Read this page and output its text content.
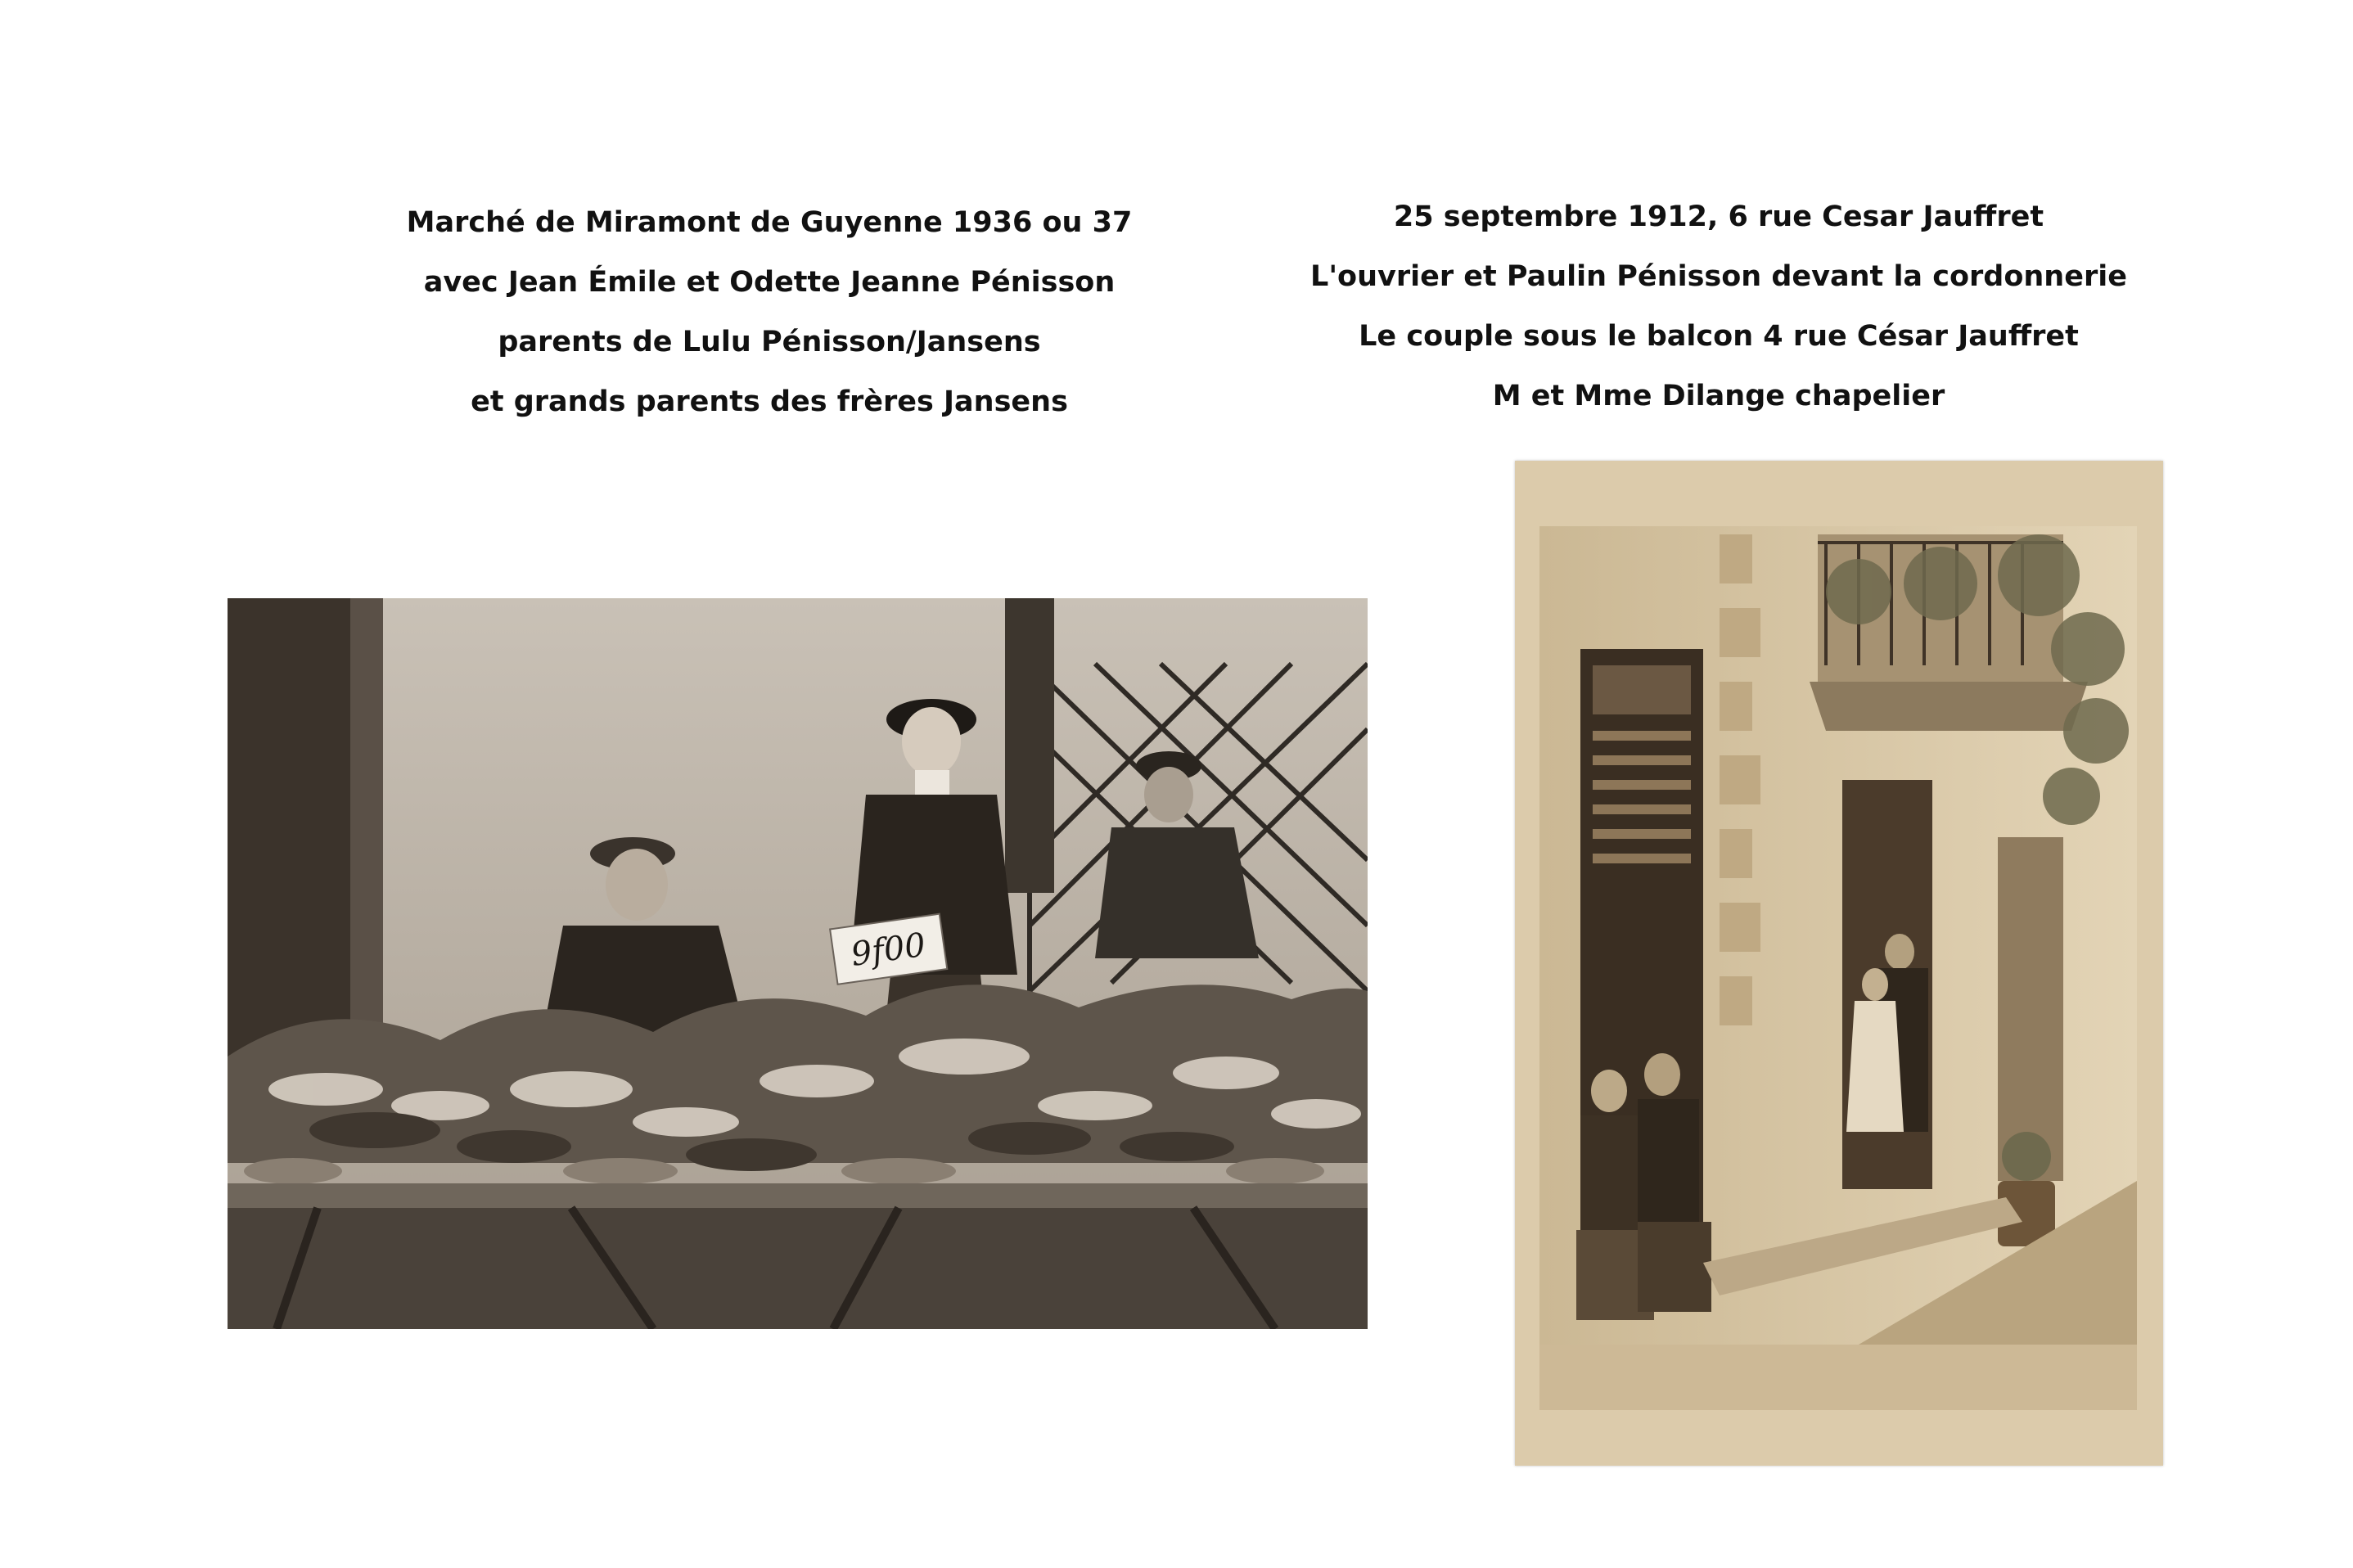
Marché de Miramont de Guyenne 1936 ou 37
avec Jean Émile et Odette Jeanne Pénisson
parents de Lulu Pénisson/Jansens
et grands parents des frères Jansens
25 septembre 1912, 6 rue Cesar Jauffret
L'ouvrier et Paulin Pénisson devant la cordonnerie
Le couple sous le balcon 4 rue César Jauffret
M et Mme Dilange chapelier
9f00
